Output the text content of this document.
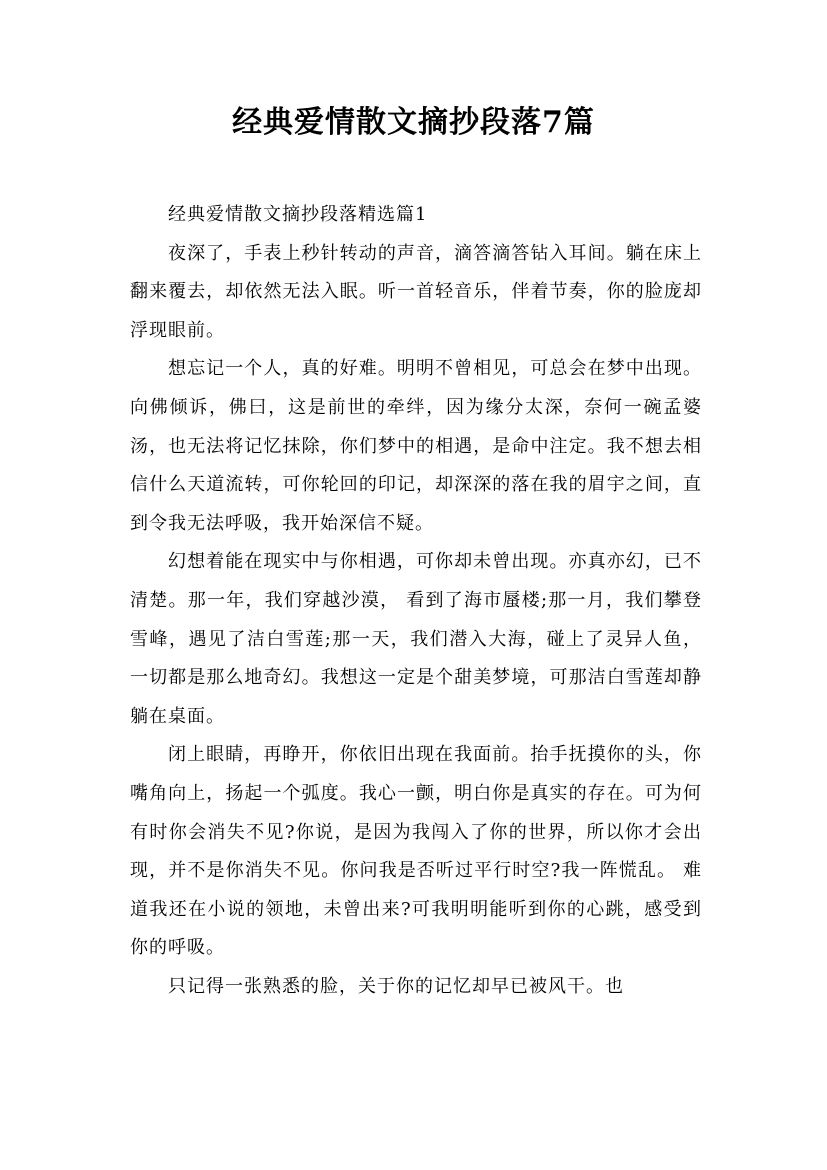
经典爱情散文摘抄段落7篇

经典爱情散文摘抄段落精选篇1

夜深了，手表上秒针转动的声音，滴答滴答钻入耳间。躺在床上翻来覆去，却依然无法入眠。听一首轻音乐，伴着节奏，你的脸庞却浮现眼前。

想忘记一个人，真的好难。明明不曾相见，可总会在梦中出现。向佛倾诉，佛曰，这是前世的牵绊，因为缘分太深，奈何一碗孟婆汤，也无法将记忆抹除，你们梦中的相遇，是命中注定。我不想去相信什么天道流转，可你轮回的印记，却深深的落在我的眉宇之间，直到令我无法呼吸，我开始深信不疑。

幻想着能在现实中与你相遇，可你却未曾出现。亦真亦幻，已不清楚。那一年，我们穿越沙漠， 看到了海市蜃楼;那一月，我们攀登雪峰，遇见了洁白雪莲;那一天，我们潜入大海，碰上了灵异人鱼，一切都是那么地奇幻。我想这一定是个甜美梦境，可那洁白雪莲却静躺在桌面。

闭上眼睛，再睁开，你依旧出现在我面前。抬手抚摸你的头，你嘴角向上，扬起一个弧度。我心一颤，明白你是真实的存在。可为何有时你会消失不见?你说，是因为我闯入了你的世界，所以你才会出现，并不是你消失不见。你问我是否听过平行时空?我一阵慌乱。 难道我还在小说的领地，未曾出来?可我明明能听到你的心跳，感受到你的呼吸。

只记得一张熟悉的脸，关于你的记忆却早已被风干。也
